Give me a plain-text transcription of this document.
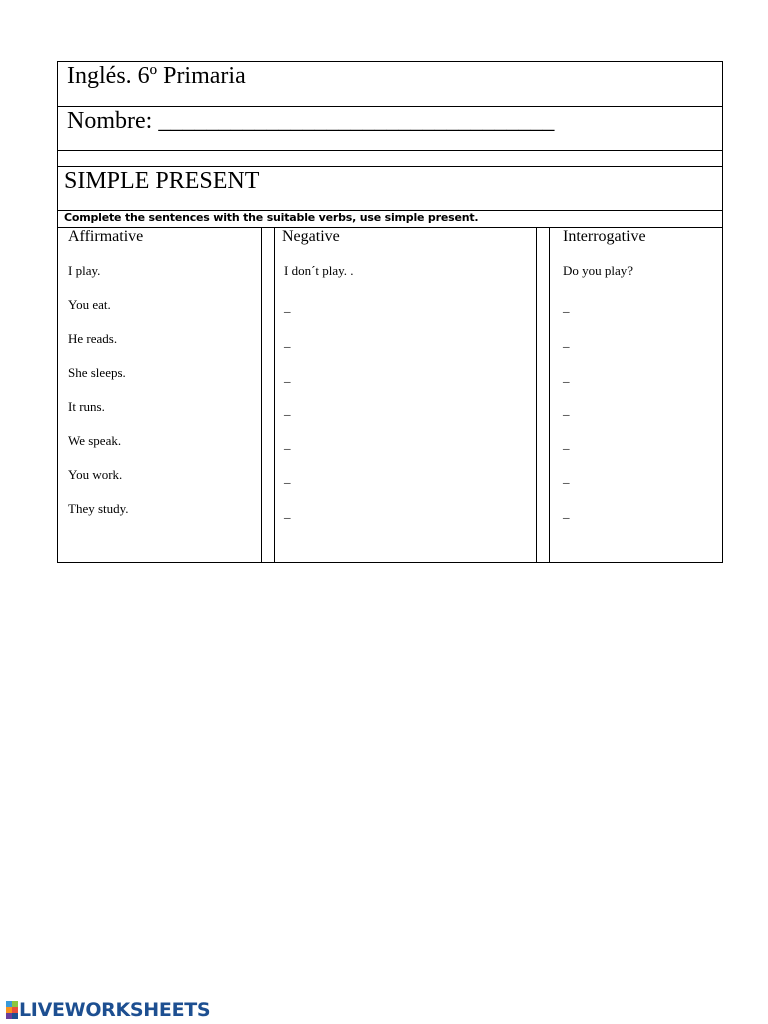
Inglés. 6º Primaria
Nombre: _________________________________
SIMPLE PRESENT
Complete the sentences with the suitable verbs, use simple present.
Affirmative
I play.
You eat.
He reads.
She sleeps.
It runs.
We speak.
You work.
They study.
Negative
I don´t play. .
_
_
_
_
_
_
_
Interrogative
Do you play?
_
_
_
_
_
_
_
LIVEWORKSHEETS
